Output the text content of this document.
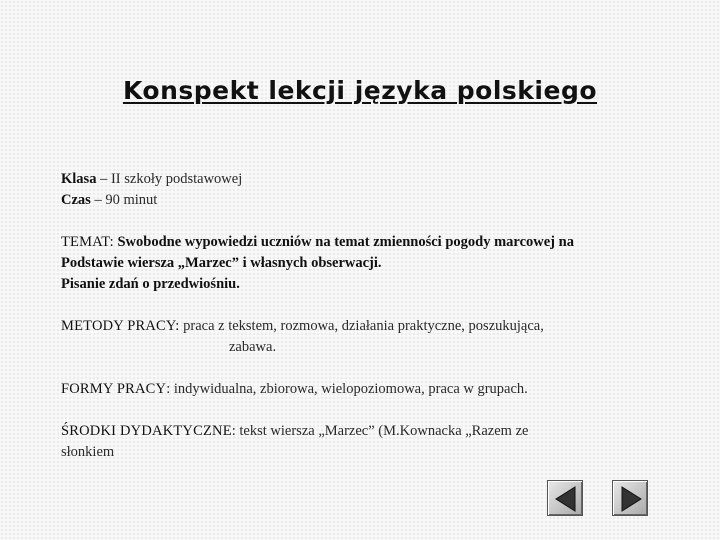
Konspekt lekcji języka polskiego
Klasa – II szkoły podstawowej
Czas – 90 minut
TEMAT: Swobodne wypowiedzi uczniów na temat zmienności pogody marcowej na
Podstawie wiersza „Marzec” i własnych obserwacji.
Pisanie zdań o przedwiośniu.
METODY PRACY: praca z tekstem, rozmowa, działania praktyczne, poszukująca,
zabawa.
FORMY PRACY: indywidualna, zbiorowa, wielopoziomowa, praca w grupach.
ŚRODKI DYDAKTYCZNE: tekst wiersza „Marzec” (M.Kownacka „Razem ze
słonkiem
